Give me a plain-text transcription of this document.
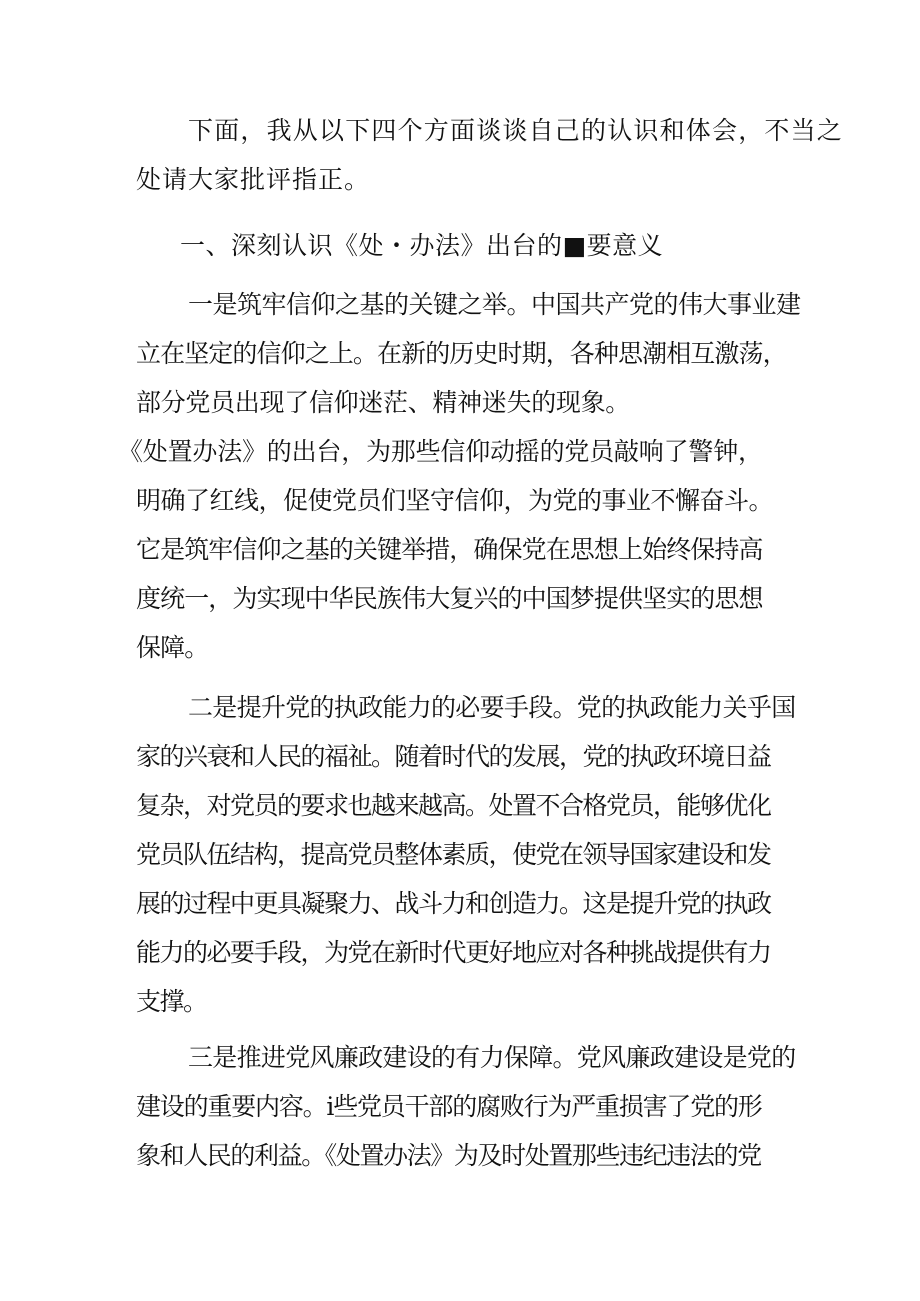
下面，我从以下四个方面谈谈自己的认识和体会，不当之

处请大家批评指正。

一、深刻认识《处・办法》出台的■要意义

一是筑牢信仰之基的关键之举。中国共产党的伟大事业建

立在坚定的信仰之上。在新的历史时期，各种思潮相互激荡，

部分党员出现了信仰迷茫、精神迷失的现象。

《处置办法》的出台，为那些信仰动摇的党员敲响了警钟，

明确了红线，促使党员们坚守信仰，为党的事业不懈奋斗。

它是筑牢信仰之基的关键举措，确保党在思想上始终保持高

度统一，为实现中华民族伟大复兴的中国梦提供坚实的思想

保障。

二是提升党的执政能力的必要手段。党的执政能力关乎国

家的兴衰和人民的福祉。随着时代的发展，党的执政环境日益

复杂，对党员的要求也越来越高。处置不合格党员，能够优化

党员队伍结构，提高党员整体素质，使党在领导国家建设和发

展的过程中更具凝聚力、战斗力和创造力。这是提升党的执政

能力的必要手段，为党在新时代更好地应对各种挑战提供有力

支撑。

三是推进党风廉政建设的有力保障。党风廉政建设是党的

建设的重要内容。i些党员干部的腐败行为严重损害了党的形

象和人民的利益。《处置办法》为及时处置那些违纪违法的党
